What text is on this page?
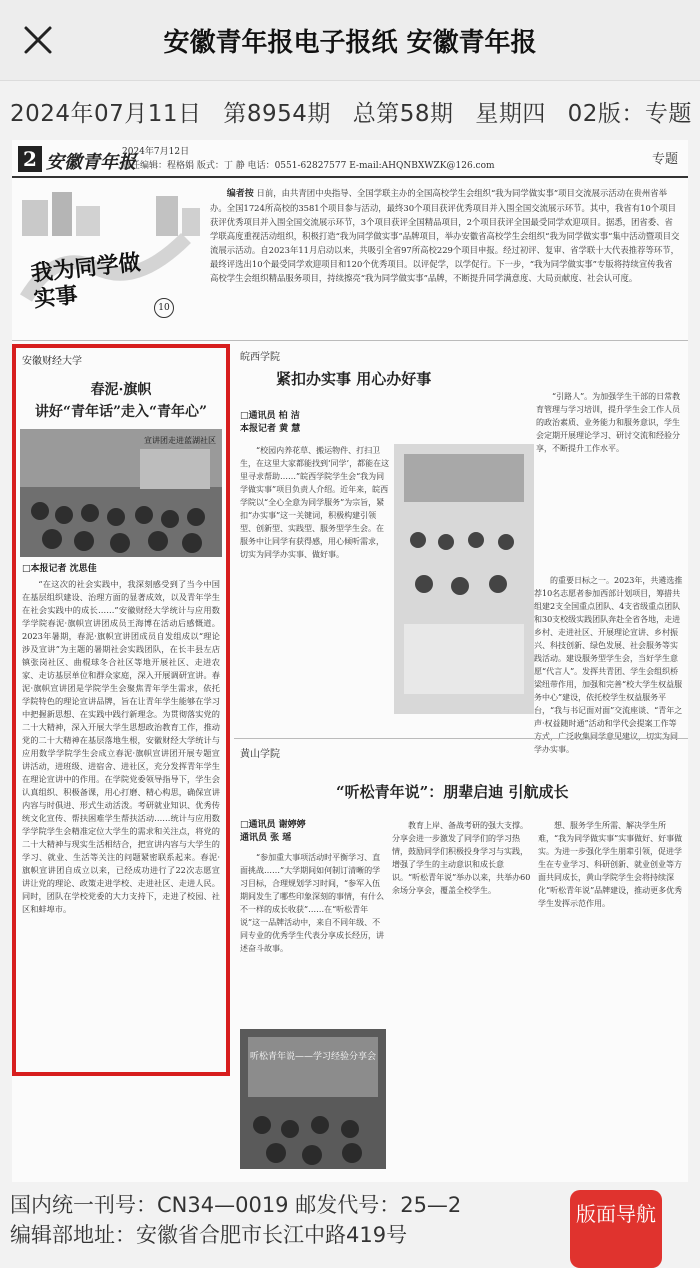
安徽青年报电子报纸 安徽青年报
2024年07月11日 第8954期 总第58期 星期四 02版：专题
2 安徽青年报
2024年7月12日
责任编辑：程格娟 版式：丁 静 电话：0551-62827577 E-mail:AHQNBXWZK@126.com	专题
我为同学做实事	10
编者按 日前，由共青团中央指导、全国学联主办的全国高校学生会组织“我为同学做实事”项目交流展示活动在贵州省举办。全国1724所高校的3581个项目参与活动，最终30个项目获评优秀项目并入围全国交流展示环节。其中，我省有10个项目获评优秀项目并入围全国交流展示环节，3个项目获评全国精品项目，2个项目获评全国最受同学欢迎项目。据悉，团省委、省学联高度重视活动组织，积极打造“我为同学做实事”品牌项目，举办安徽省高校学生会组织“我为同学做实事”集中活动暨项目交流展示活动。自2023年11月启动以来，共吸引全省97所高校229个项目申报。经过初评、复审、省学联十大代表推荐等环节，最终评选出10个最受同学欢迎项目和120个优秀项目。以评促学，以学促行。下一步，“我为同学做实事”专版将持续宣传我省高校学生会组织精品服务项目，持续擦亮“我为同学做实事”品牌，不断提升同学满意度、大局贡献度、社会认可度。
安徽财经大学
春泥·旗帜
讲好“青年话”走入“青年心”
宣讲团走进蓝湖社区
□本报记者 沈思佳
“在这次的社会实践中，我深刻感受到了当今中国在基层组织建设、治理方面的显著成效，以及青年学生在社会实践中的成长……”安徽财经大学统计与应用数学学院春泥·旗帜宣讲团成员王海博在活动后感慨道。2023年暑期，春泥·旗帜宣讲团成员自发组成以“理论涉及宣讲”为主题的暑期社会实践团队，在长丰县左店镇张岗社区、曲棍球冬合社区等地开展社区、走进农家、走访基层单位和群众家庭，深入开展调研宣讲。春泥·旗帜宣讲团是学院学生会聚焦青年学生需求，依托学院特色的理论宣讲品牌，旨在让青年学生能够在学习中把握新思想、在实践中践行新理念。为贯彻落实党的二十大精神，深入开展大学生思想政治教育工作，推动党的二十大精神在基层落地生根，安徽财经大学统计与应用数学学院学生会成立春泥·旗帜宣讲团开展专题宣讲活动，进班级、进宿舍、进社区，充分发挥青年学生在理论宣讲中的作用。在学院党委领导指导下，学生会认真组织、积极备课，用心打磨、精心构思，确保宣讲内容与时俱进、形式生动活泼。考研就业知识、优秀传统文化宣传、帮扶困难学生帮扶活动……统计与应用数学学院学生会精准定位大学生的需求和关注点，将党的二十大精神与现实生活相结合，把宣讲内容与大学生的学习、就业、生活等关注的问题紧密联系起来。春泥·旗帜宣讲团自成立以来，已经成功进行了22次志愿宣讲让党的理论、政策走进学校、走进社区、走进人民。同时，团队在学校党委的大力支持下，走进了校园、社区和蚌埠市。
皖西学院
紧扣办实事 用心办好事
□通讯员 柏 洁
本报记者 黄 慧
“校园内养花草、搬运物件、打扫卫生，在这里大家都能找到‘同学’，都能在这里寻求帮助……”皖西学院学生会“我为同学做实事”项目负责人介绍。近年来，皖西学院以“全心全意为同学服务”为宗旨，紧扣“办实事”这一关键词，积极构建引领型、创新型、实践型、服务型学生会。在服务中让同学有获得感，用心倾听需求，切实为同学办实事、做好事。
“引路人”。为加强学生干部的日常教育管理与学习培训，提升学生会工作人员的政治素质、业务能力和服务意识，学生会定期开展理论学习、研讨交流和经验分享，不断提升工作水平。
的重要日标之一。2023年，共遴选推荐10名志愿者参加西部计划项目，筹措共组建2支全国重点团队、4支省级重点团队和30支校级实践团队奔赴全省各地，走进乡村、走进社区、开展理论宣讲、乡村振兴、科技创新、绿色发展、社会服务等实践活动。建设服务型学生会，当好学生意愿“代言人”。发挥共青团、学生会组织桥梁纽带作用，加强和完善“校大学生权益服务中心”建设，依托校学生权益服务平台，“我与书记面对面”交流座谈、“青年之声·权益随时通”活动和学代会提案工作等方式，广泛收集同学意见建议，切实为同学办实事。
黄山学院
“听松青年说”：朋辈启迪 引航成长
□通讯员 谢婷婷
通讯员 张 瑶
“参加重大事项活动时平衡学习、直面挑战……”大学期间如何制订清晰的学习目标，合理规划学习时间，“参军入伍期间发生了哪些印象深刻的事情，有什么不一样的成长收获”……在“听松青年说”这一品牌活动中，来自不同年级、不同专业的优秀学生代表分享成长经历，讲述奋斗故事。
教育上岸、备战考研的强大支撑。分享会进一步激发了同学们的学习热情，鼓励同学们积极投身学习与实践，增强了学生的主动意识和成长意识。“听松青年说”举办以来，共举办60余场分享会，覆盖全校学生。
想、服务学生所需、解决学生所难，“我为同学做实事”实事做好、好事做实。为进一步强化学生朋辈引领，促进学生在专业学习、科研创新、就业创业等方面共同成长，黄山学院学生会将持续深化“听松青年说”品牌建设，推动更多优秀学生发挥示范作用。
听松青年说——学习经验分享会
国内统一刊号：CN34—0019 邮发代号：25—2
编辑部地址：安徽省合肥市长江中路419号
版面导航
